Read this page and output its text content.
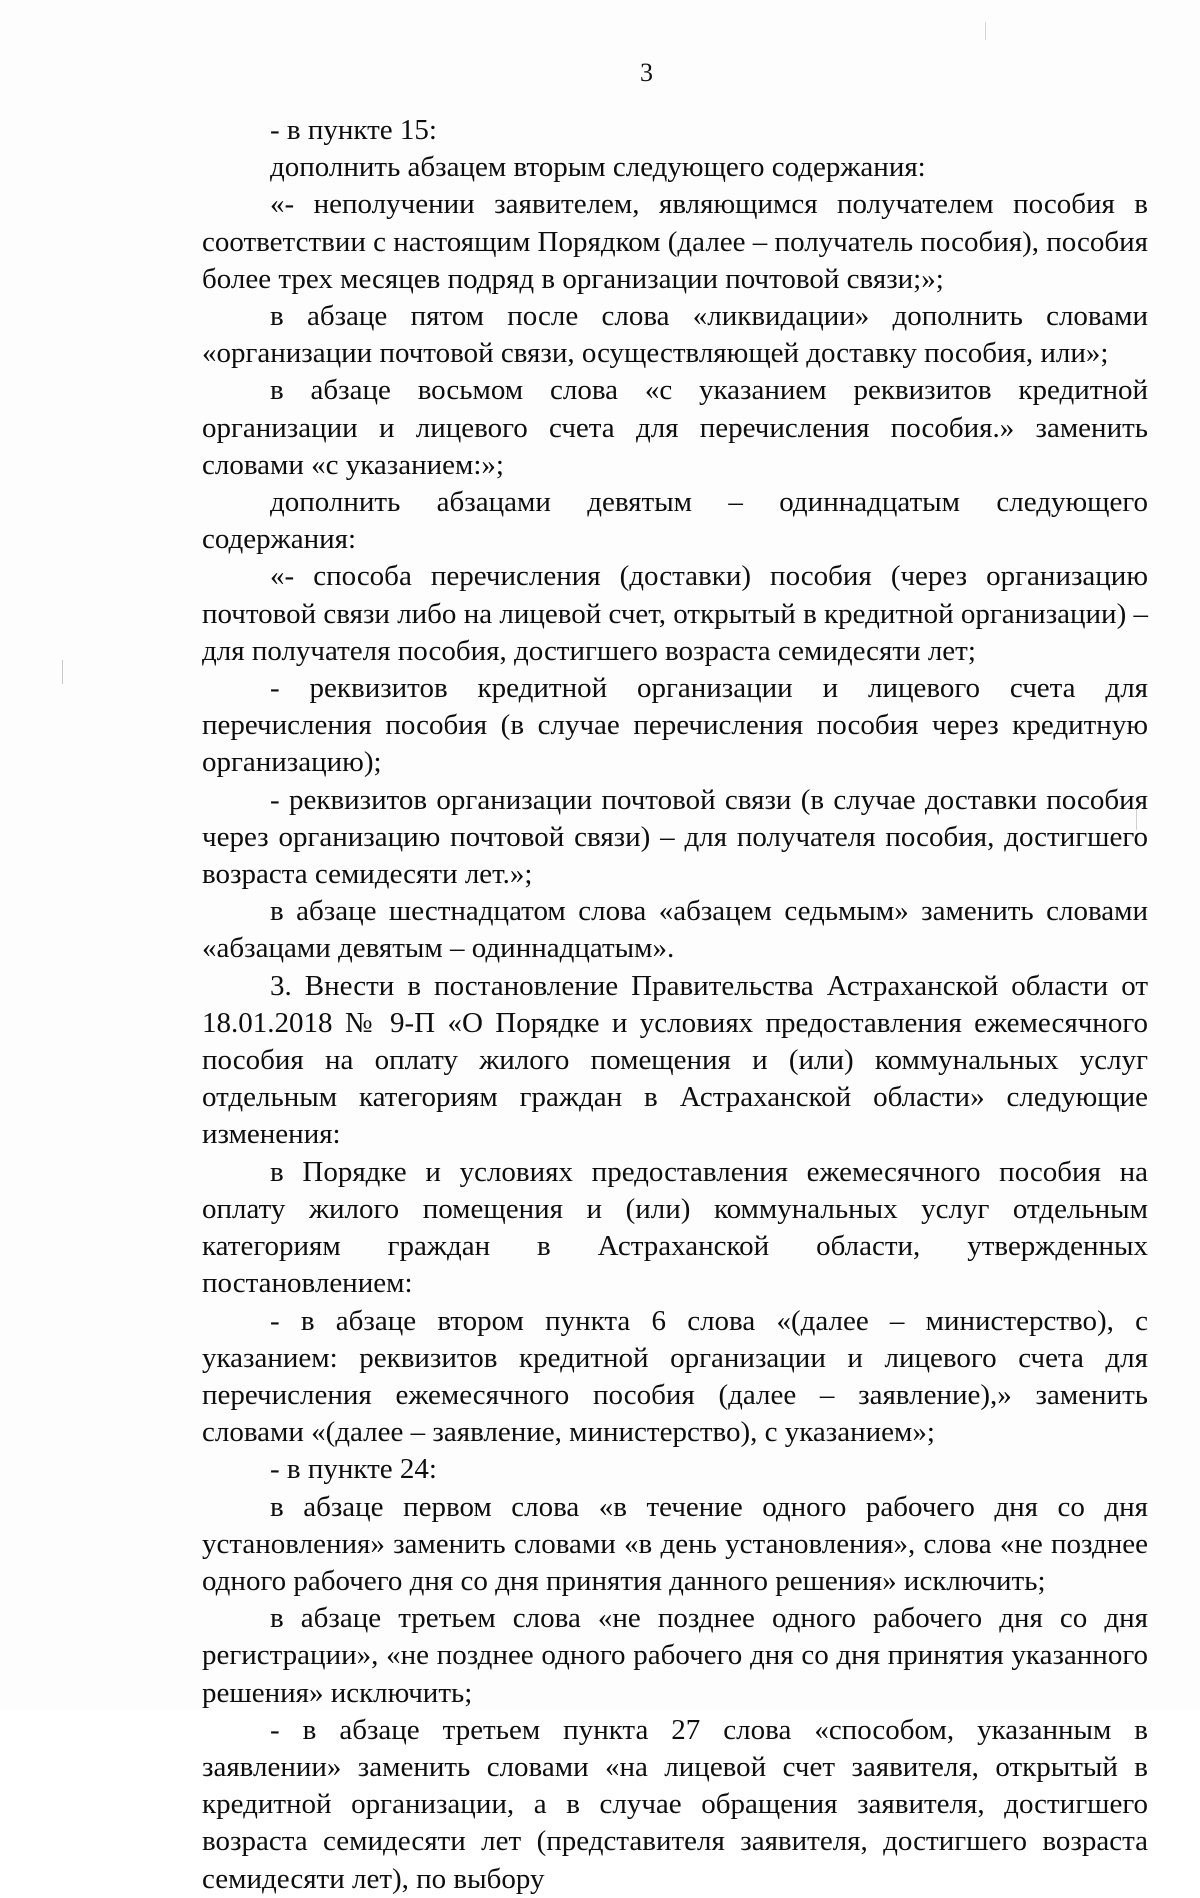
3

- в пункте 15:

дополнить абзацем вторым следующего содержания:

«- неполучении заявителем, являющимся получателем пособия в соответствии с настоящим Порядком (далее – получатель пособия), пособия более трех месяцев подряд в организации почтовой связи;»;

в абзаце пятом после слова «ликвидации» дополнить словами «организации почтовой связи, осуществляющей доставку пособия, или»;

в абзаце восьмом слова «с указанием реквизитов кредитной организации и лицевого счета для перечисления пособия.» заменить словами «с указанием:»;

дополнить абзацами девятым – одиннадцатым следующего содержания:

«- способа перечисления (доставки) пособия (через организацию почтовой связи либо на лицевой счет, открытый в кредитной организации) – для получателя пособия, достигшего возраста семидесяти лет;

- реквизитов кредитной организации и лицевого счета для перечисления пособия (в случае перечисления пособия через кредитную организацию);

- реквизитов организации почтовой связи (в случае доставки пособия через организацию почтовой связи) – для получателя пособия, достигшего возраста семидесяти лет.»;

в абзаце шестнадцатом слова «абзацем седьмым» заменить словами «абзацами девятым – одиннадцатым».

3. Внести в постановление Правительства Астраханской области от 18.01.2018 № 9-П «О Порядке и условиях предоставления ежемесячного пособия на оплату жилого помещения и (или) коммунальных услуг отдельным категориям граждан в Астраханской области» следующие изменения:

в Порядке и условиях предоставления ежемесячного пособия на оплату жилого помещения и (или) коммунальных услуг отдельным категориям граждан в Астраханской области, утвержденных постановлением:

- в абзаце втором пункта 6 слова «(далее – министерство), с указанием: реквизитов кредитной организации и лицевого счета для перечисления ежемесячного пособия (далее – заявление),» заменить словами «(далее – заявление, министерство), с указанием»;

- в пункте 24:

в абзаце первом слова «в течение одного рабочего дня со дня установления» заменить словами «в день установления», слова «не позднее одного рабочего дня со дня принятия данного решения» исключить;

в абзаце третьем слова «не позднее одного рабочего дня со дня регистрации», «не позднее одного рабочего дня со дня принятия указанного решения» исключить;

- в абзаце третьем пункта 27 слова «способом, указанным в заявлении» заменить словами «на лицевой счет заявителя, открытый в кредитной организации, а в случае обращения заявителя, достигшего возраста семидесяти лет (представителя заявителя, достигшего возраста семидесяти лет), по выбору
